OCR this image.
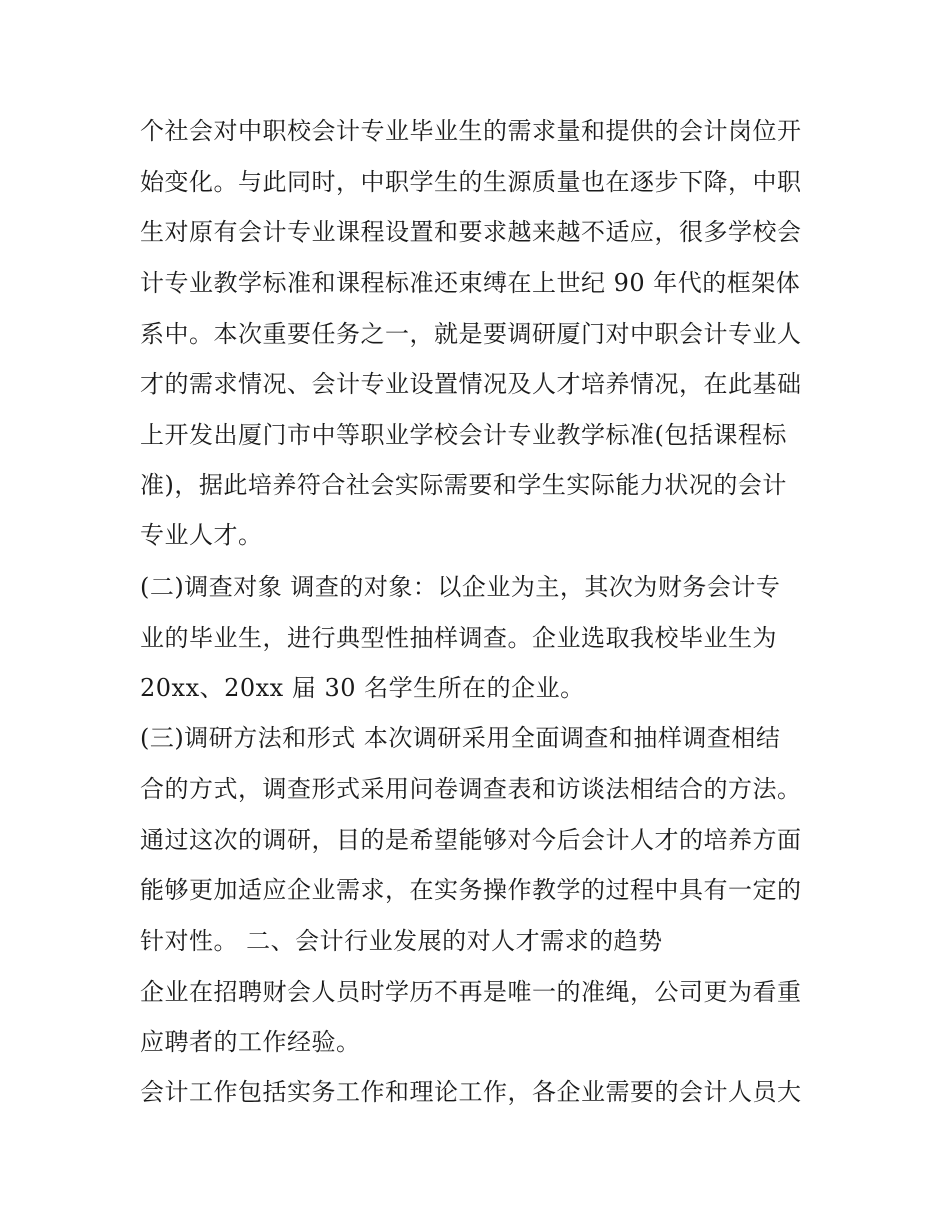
个社会对中职校会计专业毕业生的需求量和提供的会计岗位开
始变化。与此同时，中职学生的生源质量也在逐步下降，中职
生对原有会计专业课程设置和要求越来越不适应，很多学校会
计专业教学标准和课程标准还束缚在上世纪 90 年代的框架体
系中。本次重要任务之一，就是要调研厦门对中职会计专业人
才的需求情况、会计专业设置情况及人才培养情况，在此基础
上开发出厦门市中等职业学校会计专业教学标准(包括课程标
准)，据此培养符合社会实际需要和学生实际能力状况的会计
专业人才。
(二)调查对象 调查的对象：以企业为主，其次为财务会计专
业的毕业生，进行典型性抽样调查。企业选取我校毕业生为
20xx、20xx 届 30 名学生所在的企业。
(三)调研方法和形式 本次调研采用全面调查和抽样调查相结
合的方式，调查形式采用问卷调查表和访谈法相结合的方法。
通过这次的调研，目的是希望能够对今后会计人才的培养方面
能够更加适应企业需求，在实务操作教学的过程中具有一定的
针对性。 二、会计行业发展的对人才需求的趋势
企业在招聘财会人员时学历不再是唯一的准绳，公司更为看重
应聘者的工作经验。
会计工作包括实务工作和理论工作，各企业需要的会计人员大
